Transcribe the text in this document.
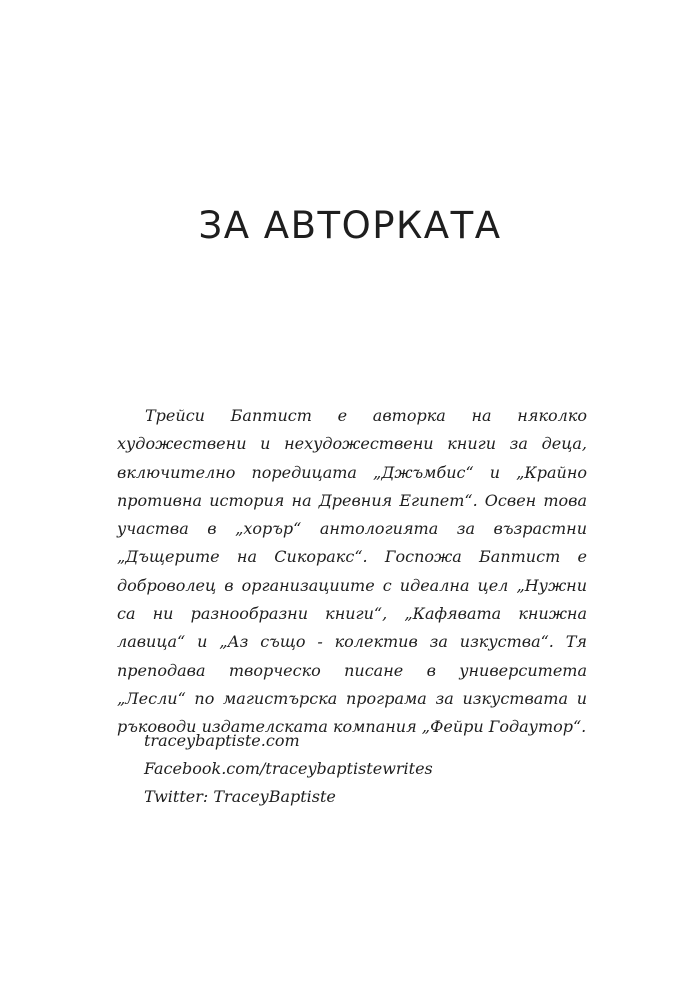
ЗА АВТОРКАТА

Трейси Баптист е авторка на няколко художествени и нехудожествени книги за деца, включително поредицата „Джъмбис“ и „Крайно противна история на Древния Египет“. Освен това участва в „хорър“ антологията за възрастни „Дъщерите на Сикоракс“. Госпожа Баптист е доброволец в организациите с идеална цел „Нужни са ни разнообразни книги“, „Кафявата книжна лавица“ и „Аз също - колектив за изкуства“. Тя преподава творческо писане в университета „Лесли“ по магистърска програма за изкуствата и ръководи издателската компания „Фейри Годаутор“.

tracеybaptiste.com
Facebook.com/traceybaptistewrites
Twitter: TraceyBaptiste
